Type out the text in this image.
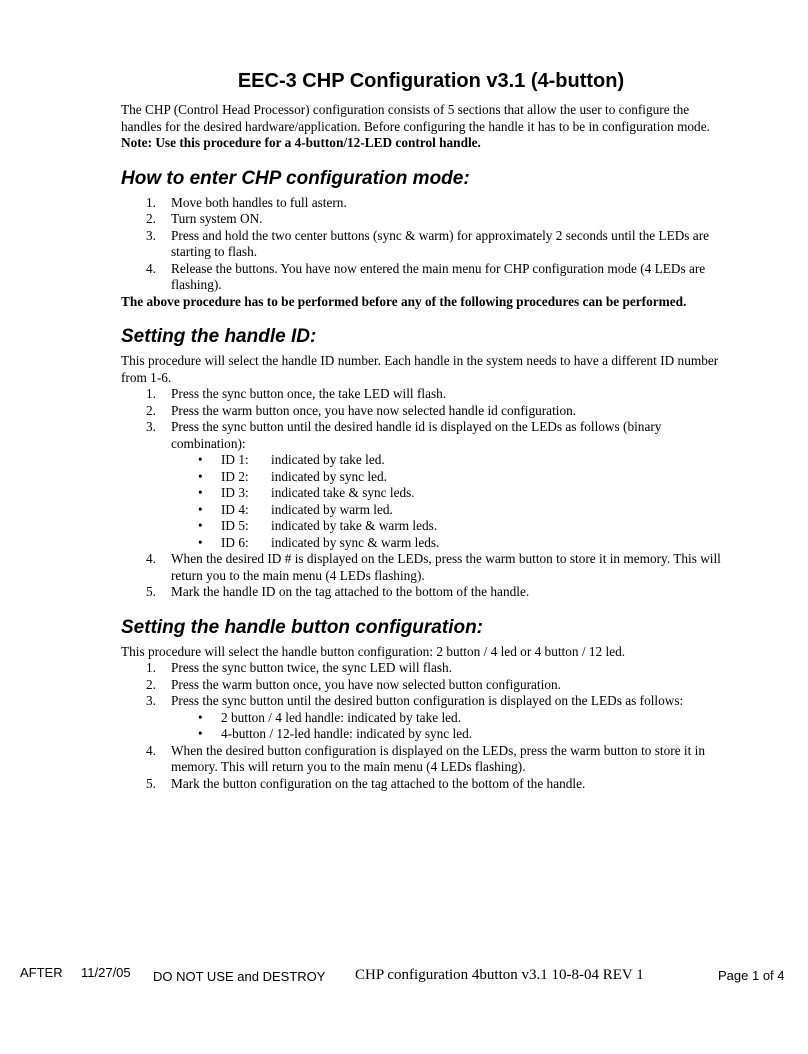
EEC-3 CHP Configuration v3.1 (4-button)

The CHP (Control Head Processor) configuration consists of 5 sections that allow the user to configure the handles for the desired hardware/application. Before configuring the handle it has to be in configuration mode. Note: Use this procedure for a 4-button/12-LED control handle.

How to enter CHP configuration mode:
1.	Move both handles to full astern.
2.	Turn system ON.
3.	Press and hold the two center buttons (sync & warm) for approximately 2 seconds until the LEDs are starting to flash.
4.	Release the buttons. You have now entered the main menu for CHP configuration mode (4 LEDs are flashing).

The above procedure has to be performed before any of the following procedures can be performed.

Setting the handle ID:

This procedure will select the handle ID number. Each handle in the system needs to have a different ID number from 1-6.

1.	Press the sync button once, the take LED will flash.
2.	Press the warm button once, you have now selected handle id configuration.
3.	Press the sync button until the desired handle id is displayed on the LEDs as follows (binary combination):
• ID 1: indicated by take led.
• ID 2: indicated by sync led.
• ID 3: indicated take & sync leds.
• ID 4: indicated by warm led.
• ID 5: indicated by take & warm leds.
• ID 6: indicated by sync & warm leds.
4.	When the desired ID # is displayed on the LEDs, press the warm button to store it in memory. This will return you to the main menu (4 LEDs flashing).
5.	Mark the handle ID on the tag attached to the bottom of the handle.
Setting the handle button configuration:

This procedure will select the handle button configuration: 2 button / 4 led or 4 button / 12 led.

1.	Press the sync button twice, the sync LED will flash.
2.	Press the warm button once, you have now selected button configuration.
3.	Press the sync button until the desired button configuration is displayed on the LEDs as follows:
• 2 button / 4 led handle: indicated by take led.
• 4-button / 12-led handle: indicated by sync led.
4.	When the desired button configuration is displayed on the LEDs, press the warm button to store it in memory. This will return you to the main menu (4 LEDs flashing).
5.	Mark the button configuration on the tag attached to the bottom of the handle.
AFTER 11/27/05 DO NOT USE and DESTROY CHP configuration 4button v3.1 10-8-04 REV 1	Page 1 of 4
